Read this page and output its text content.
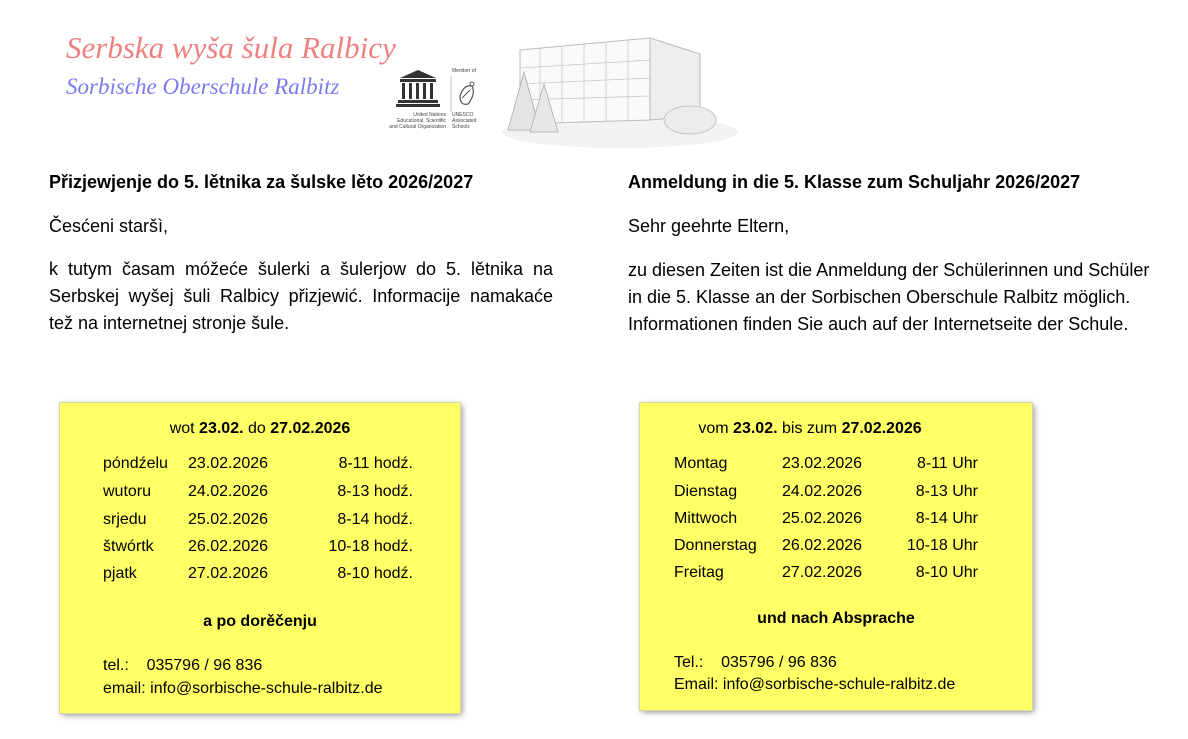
Serbska wyša šula Ralbicy
Sorbische Oberschule Ralbitz
Member of
United Nations Educational, Scientific and Cultural Organization
UNESCO Associated Schools
Přizjewjenje do 5. lětnika za šulske lěto 2026/2027
Česćeni staršì,
k tutym časam móžeće šulerki a šulerjow do 5. lětnika na Serbskej wyšej šuli Ralbicy přizjewić. Informacije namakaće tež na internetnej stronje šule.
Anmeldung in die 5. Klasse zum Schuljahr 2026/2027
Sehr geehrte Eltern,
zu diesen Zeiten ist die Anmeldung der Schülerinnen und Schüler in die 5. Klasse an der Sorbischen Oberschule Ralbitz möglich. Informationen finden Sie auch auf der Internetseite der Schule.
wot 23.02. do 27.02.2026
póndźelu 23.02.2026	8-11 hodź.
wutoru 24.02.2026	8-13 hodź.
srjedu	25.02.2026	8-14 hodź.
štwórtk 26.02.2026	10-18 hodź.
pjatk	27.02.2026	8-10 hodź.
a po dorěčenju
tel.: 035796 / 96 836
email: info@sorbische-schule-ralbitz.de
vom 23.02. bis zum 27.02.2026
Montag	23.02.2026	8-11 Uhr
Dienstag	24.02.2026	8-13 Uhr
Mittwoch	25.02.2026	8-14 Uhr
Donnerstag 26.02.2026	10-18 Uhr
Freitag	27.02.2026	8-10 Uhr
und nach Absprache
Tel.: 035796 / 96 836
Email: info@sorbische-schule-ralbitz.de
